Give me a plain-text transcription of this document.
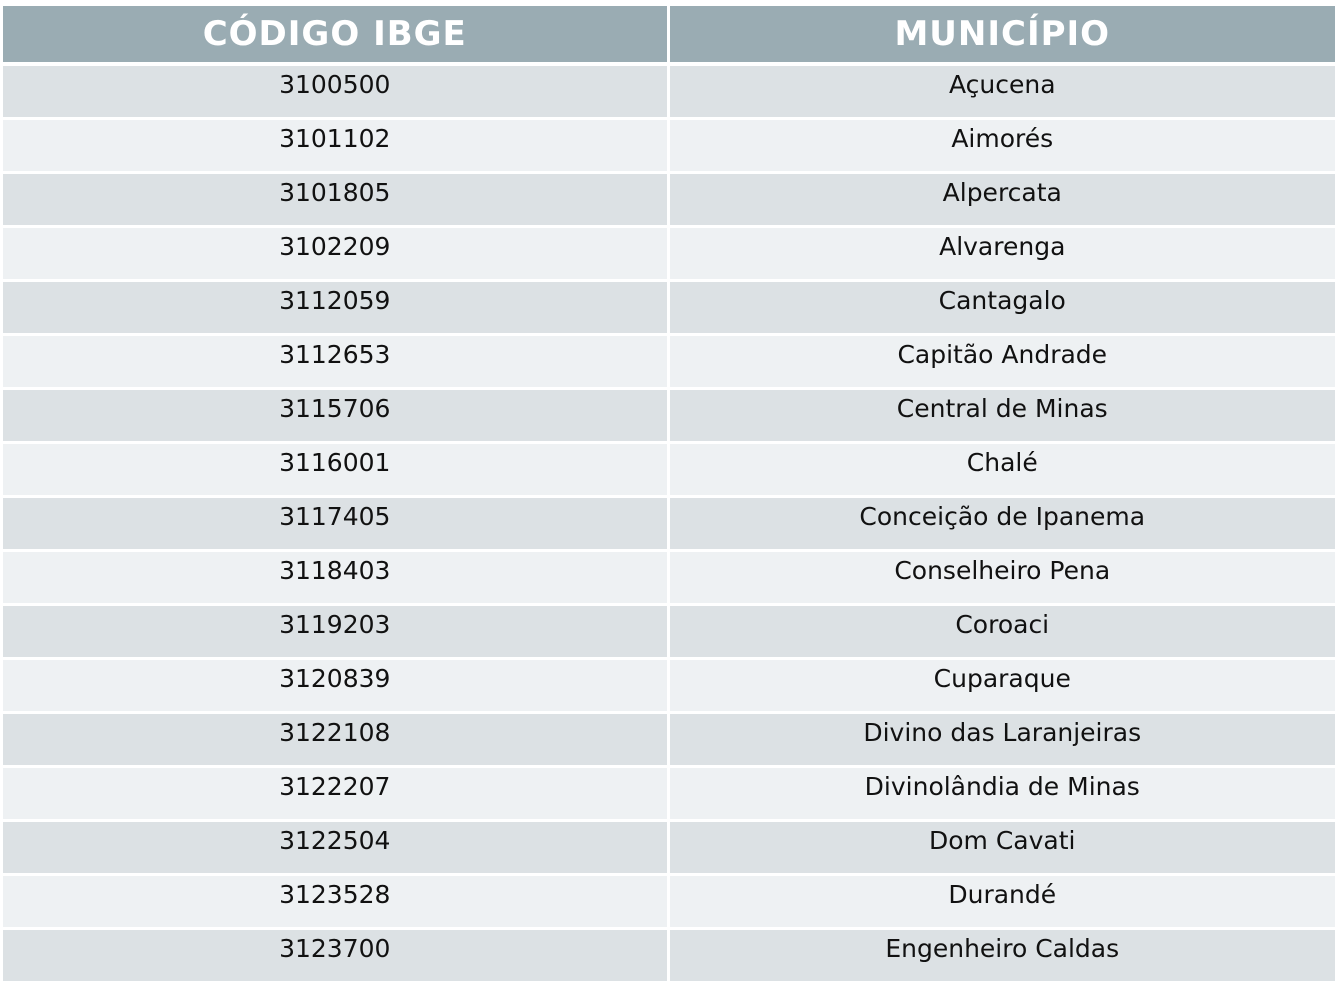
CÓDIGO IBGE	MUNICÍPIO

3100500	Açucena

3101102	Aimorés

3101805	Alpercata

3102209	Alvarenga

3112059	Cantagalo

3112653	Capitão Andrade

3115706	Central de Minas

3116001	Chalé

3117405	Conceição de Ipanema

3118403	Conselheiro Pena

3119203	Coroaci

3120839	Cuparaque

3122108	Divino das Laranjeiras

3122207	Divinolândia de Minas

3122504	Dom Cavati

3123528	Durandé

3123700	Engenheiro Caldas
